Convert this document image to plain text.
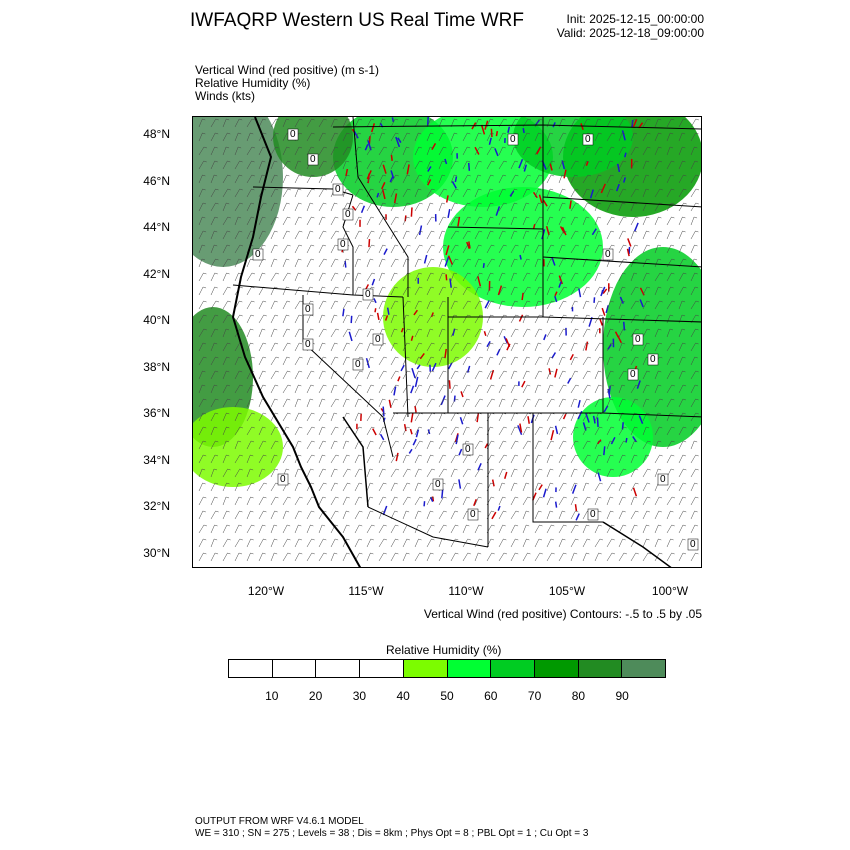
IWFAQRP Western US Real Time WRF	Init: 2025-12-15_00:00:00
Valid: 2025-12-18_09:00:00
Vertical Wind (red positive) (m s-1)
Relative Humidity (%)
Winds (kts)
0
0
0
0
0
0
0
0
0
0
0
0
0
0
0	0
0
0
0
0
0
0
0
0
48°N
46°N
44°N
42°N
40°N
38°N
36°N
34°N
32°N
30°N
120°W	115°W	110°W	105°W	100°W
Vertical Wind (red positive) Contours: -.5 to .5 by .05
Relative Humidity (%)
10	20	30	40	50	60	70	80	90
OUTPUT FROM WRF V4.6.1 MODEL
WE = 310 ; SN = 275 ; Levels = 38 ; Dis = 8km ; Phys Opt = 8 ; PBL Opt = 1 ; Cu Opt = 3
